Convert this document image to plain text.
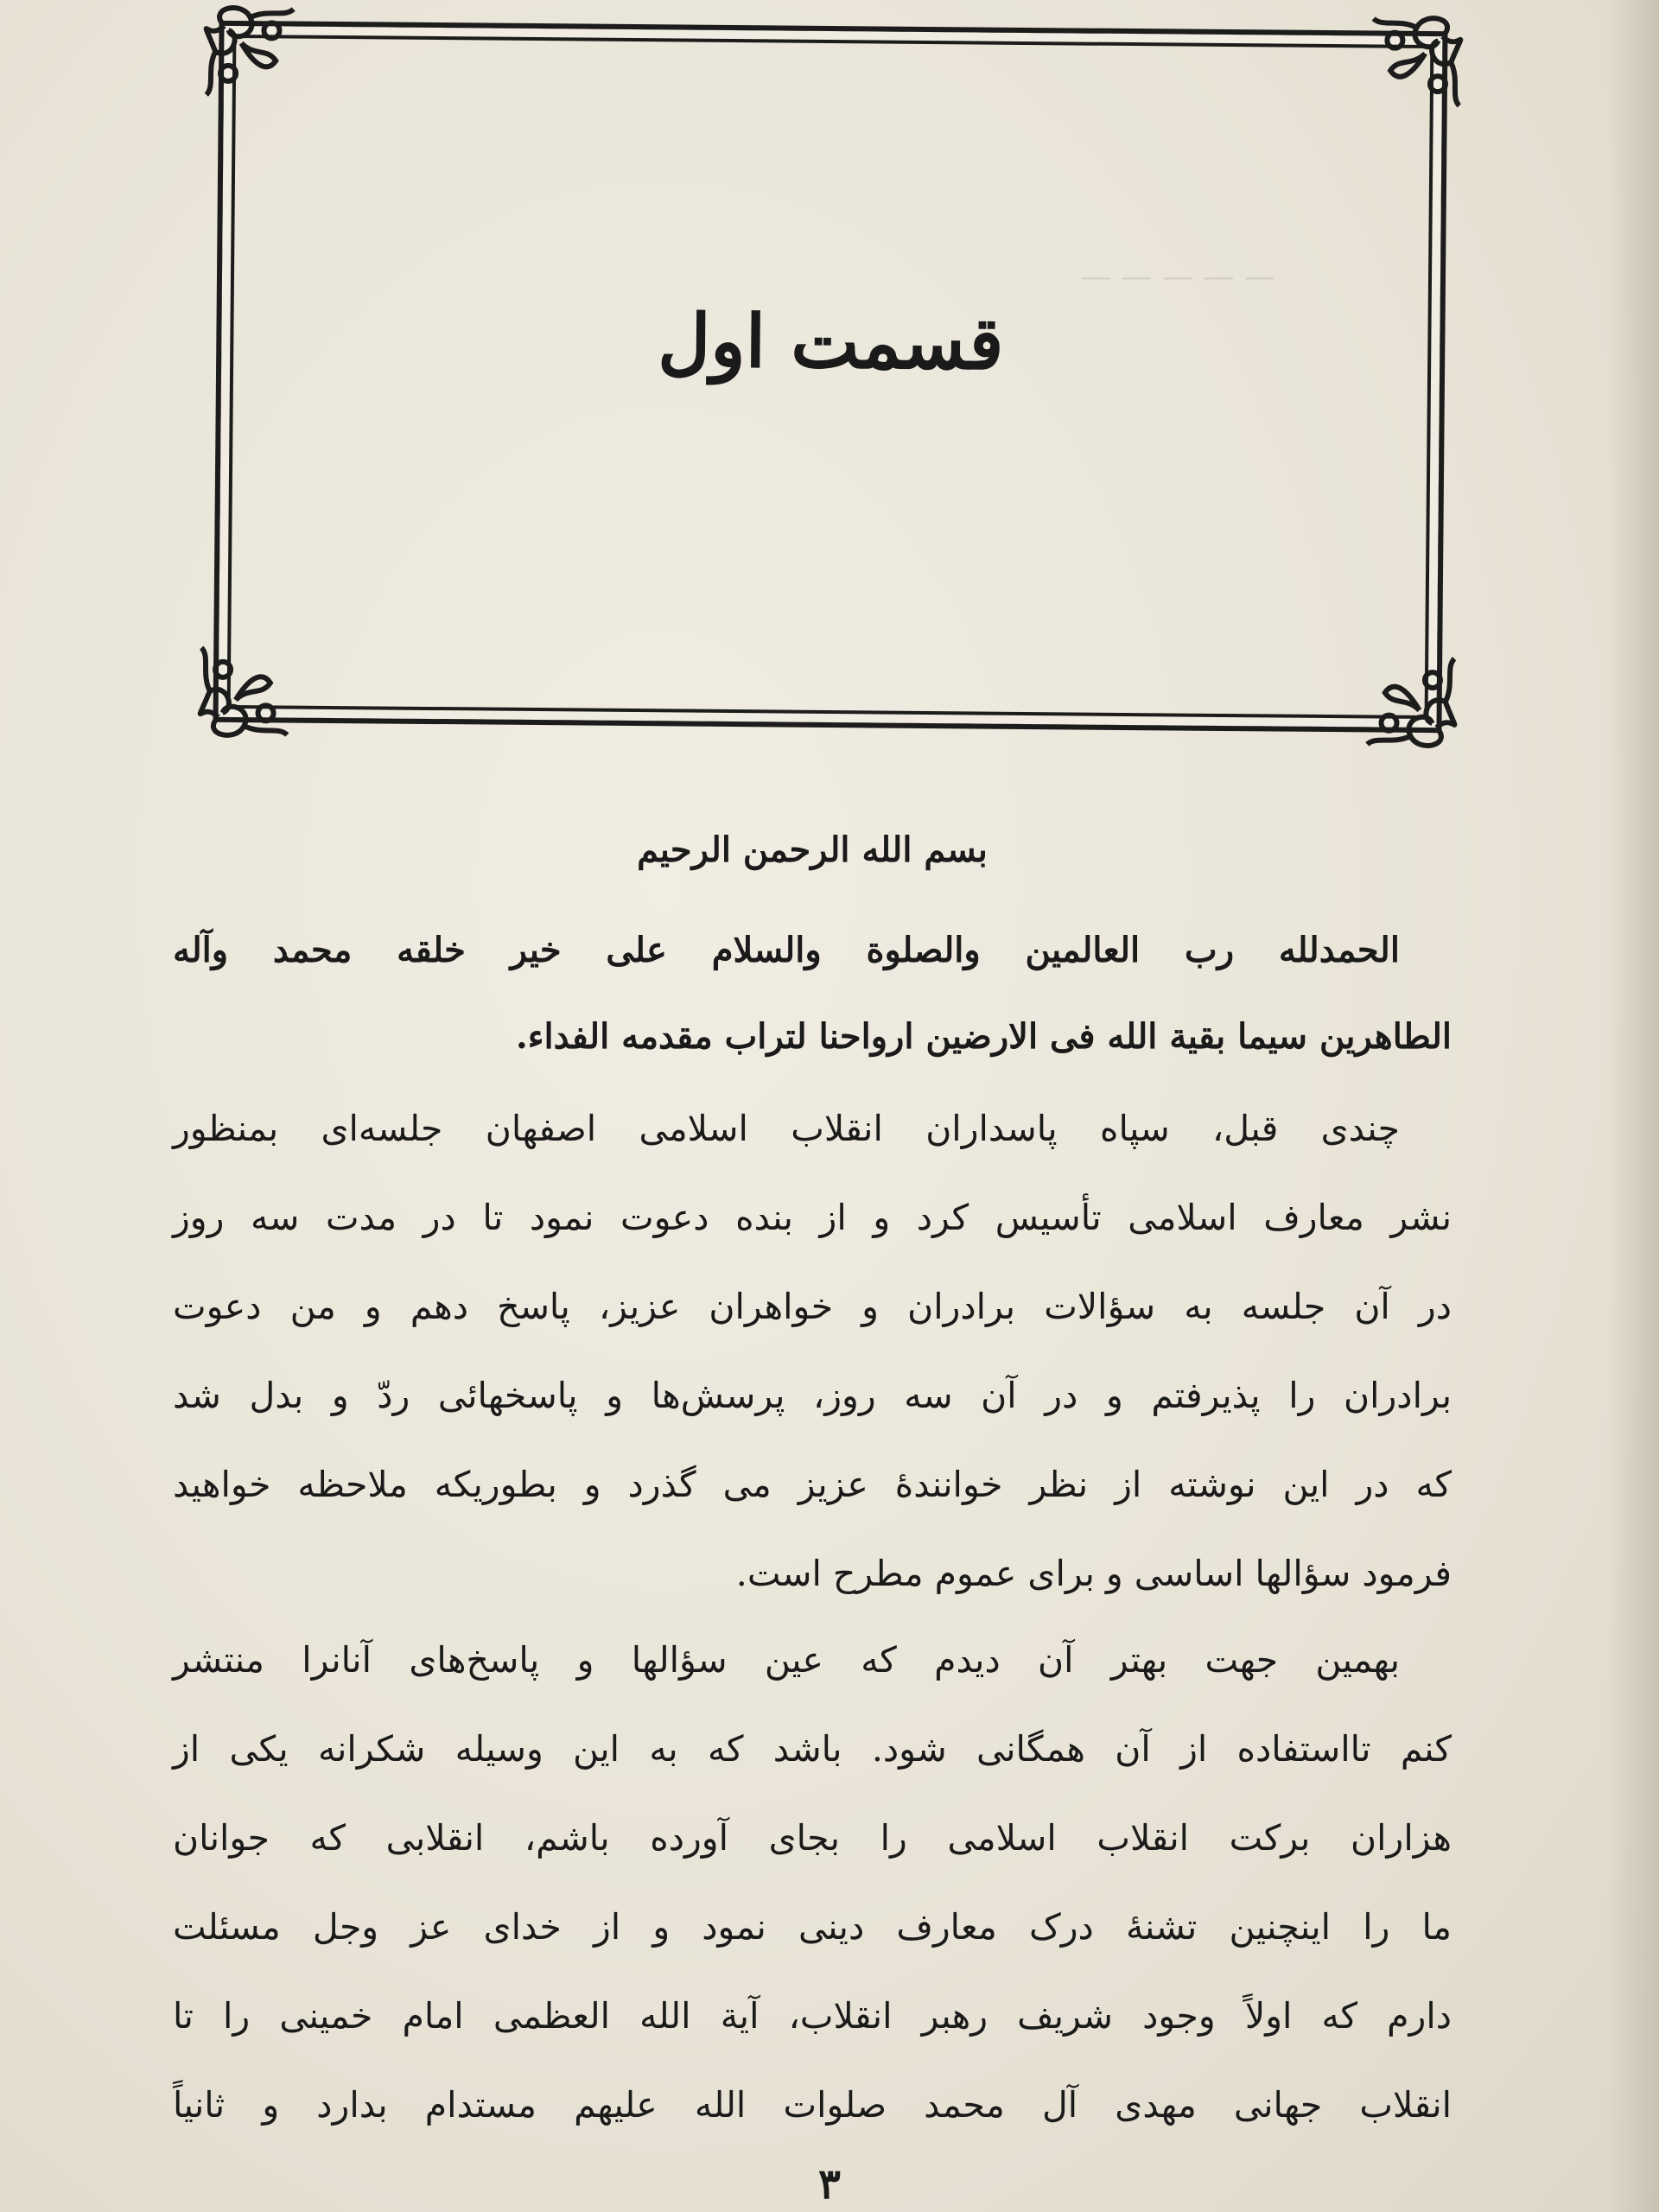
— — — — —
قسمت اول
بسم الله الرحمن الرحیم
الحمدلله رب العالمین والصلوة والسلام علی خیر خلقه محمد وآله
الطاهرین سیما بقیة الله فی الارضین ارواحنا لتراب مقدمه الفداء.
چندی قبل، سپاه پاسداران انقلاب اسلامی اصفهان جلسه‌ای بمنظور
نشر معارف اسلامی تأسیس کرد و از بنده دعوت نمود تا در مدت سه روز
در آن جلسه به سؤالات برادران و خواهران عزیز، پاسخ دهم و من دعوت
برادران را پذیرفتم و در آن سه روز، پرسش‌ها و پاسخهائی ردّ و بدل شد
که در این نوشته از نظر خوانندهٔ عزیز می گذرد و بطوریکه ملاحظه خواهید
فرمود سؤالها اساسی و برای عموم مطرح است.
بهمین جهت بهتر آن دیدم که عین سؤالها و پاسخ‌های آنانرا منتشر
کنم تااستفاده از آن همگانی شود. باشد که به این وسیله شکرانه یکی از
هزاران برکت انقلاب اسلامی را بجای آورده باشم، انقلابی که جوانان
ما را اینچنین تشنهٔ درک معارف دینی نمود و از خدای عز وجل مسئلت
دارم که اولاً وجود شریف رهبر انقلاب، آیة الله العظمی امام خمینی را تا
انقلاب جهانی مهدی آل محمد صلوات الله علیهم مستدام بدارد و ثانیاً
۳
